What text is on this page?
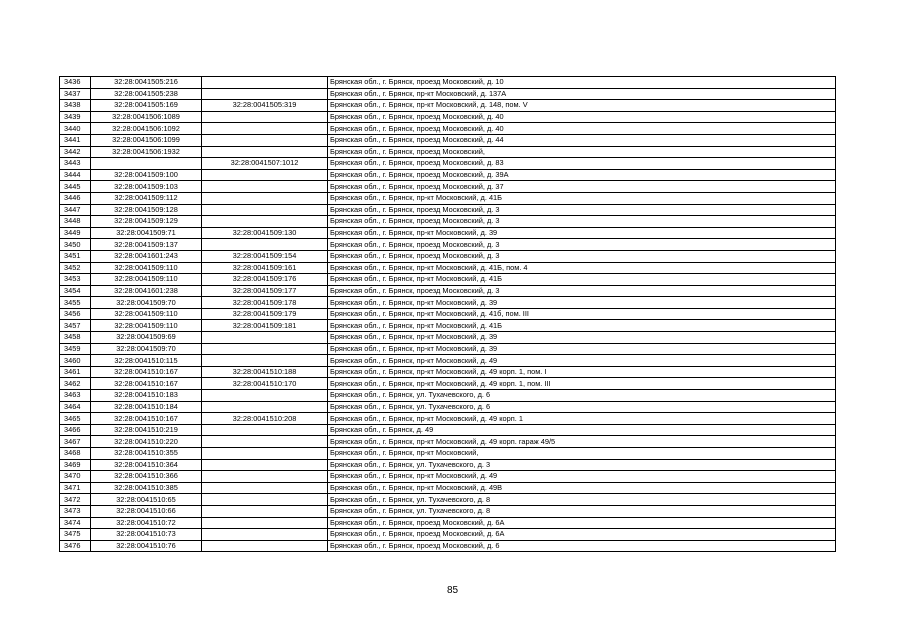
3436	32:28:0041505:216		Брянская обл., г. Брянск, проезд Московский, д. 10
3437	32:28:0041505:238		Брянская обл., г. Брянск, пр-кт Московский, д. 137А
3438	32:28:0041505:169	32:28:0041505:319	Брянская обл., г. Брянск, пр-кт Московский, д. 148, пом. V
3439	32:28:0041506:1089		Брянская обл., г. Брянск, проезд Московский, д. 40
3440	32:28:0041506:1092		Брянская обл., г. Брянск, проезд Московский, д. 40
3441	32:28:0041506:1099		Брянская обл., г. Брянск, проезд Московский, д. 44
3442	32:28:0041506:1932		Брянская обл., г. Брянск, проезд Московский,
3443		32:28:0041507:1012	Брянская обл., г. Брянск, проезд Московский, д. 83
3444	32:28:0041509:100		Брянская обл., г. Брянск, проезд Московский, д. 39А
3445	32:28:0041509:103		Брянская обл., г. Брянск, проезд Московский, д. 37
3446	32:28:0041509:112		Брянская обл., г. Брянск, пр-кт Московский, д. 41Б
3447	32:28:0041509:128		Брянская обл., г. Брянск, проезд Московский, д. 3
3448	32:28:0041509:129		Брянская обл., г. Брянск, проезд Московский, д. 3
3449	32:28:0041509:71	32:28:0041509:130	Брянская обл., г. Брянск, пр-кт Московский, д. 39
3450	32:28:0041509:137		Брянская обл., г. Брянск, проезд Московский, д. 3
3451	32:28:0041601:243	32:28:0041509:154	Брянская обл., г. Брянск, проезд Московский, д. 3
3452	32:28:0041509:110	32:28:0041509:161	Брянская обл., г. Брянск, пр-кт Московский, д. 41Б, пом. 4
3453	32:28:0041509:110	32:28:0041509:176	Брянская обл., г. Брянск, пр-кт Московский, д. 41Б
3454	32:28:0041601:238	32:28:0041509:177	Брянская обл., г. Брянск, проезд Московский, д. 3
3455	32:28:0041509:70	32:28:0041509:178	Брянская обл., г. Брянск, пр-кт Московский, д. 39
3456	32:28:0041509:110	32:28:0041509:179	Брянская обл., г. Брянск, пр-кт Московский, д. 41б, пом. III
3457	32:28:0041509:110	32:28:0041509:181	Брянская обл., г. Брянск, пр-кт Московский, д. 41Б
3458	32:28:0041509:69		Брянская обл., г. Брянск, пр-кт Московский, д. 39
3459	32:28:0041509:70		Брянская обл., г. Брянск, пр-кт Московский, д. 39
3460	32:28:0041510:115		Брянская обл., г. Брянск, пр-кт Московский, д. 49
3461	32:28:0041510:167	32:28:0041510:188	Брянская обл., г. Брянск, пр-кт Московский, д. 49 корп. 1, пом. I
3462	32:28:0041510:167	32:28:0041510:170	Брянская обл., г. Брянск, пр-кт Московский, д. 49 корп. 1, пом. III
3463	32:28:0041510:183		Брянская обл., г. Брянск, ул. Тухачевского, д. 6
3464	32:28:0041510:184		Брянская обл., г. Брянск, ул. Тухачевского, д. 6
3465	32:28:0041510:167	32:28:0041510:208	Брянская обл., г. Брянск, пр-кт Московский, д. 49 корп. 1
3466	32:28:0041510:219		Брянская обл., г. Брянск, д. 49
3467	32:28:0041510:220		Брянская обл., г. Брянск, пр-кт Московский, д. 49 корп. гараж 49/5
3468	32:28:0041510:355		Брянская обл., г. Брянск, пр-кт Московский,
3469	32:28:0041510:364		Брянская обл., г. Брянск, ул. Тухачевского, д. 3
3470	32:28:0041510:366		Брянская обл., г. Брянск, пр-кт Московский, д. 49
3471	32:28:0041510:385		Брянская обл., г. Брянск, пр-кт Московский, д. 49В
3472	32:28:0041510:65		Брянская обл., г. Брянск, ул. Тухачевского, д. 8
3473	32:28:0041510:66		Брянская обл., г. Брянск, ул. Тухачевского, д. 8
3474	32:28:0041510:72		Брянская обл., г. Брянск, проезд Московский, д. 6А
3475	32:28:0041510:73		Брянская обл., г. Брянск, проезд Московский, д. 6А
3476	32:28:0041510:76		Брянская обл., г. Брянск, проезд Московский, д. 6
85
